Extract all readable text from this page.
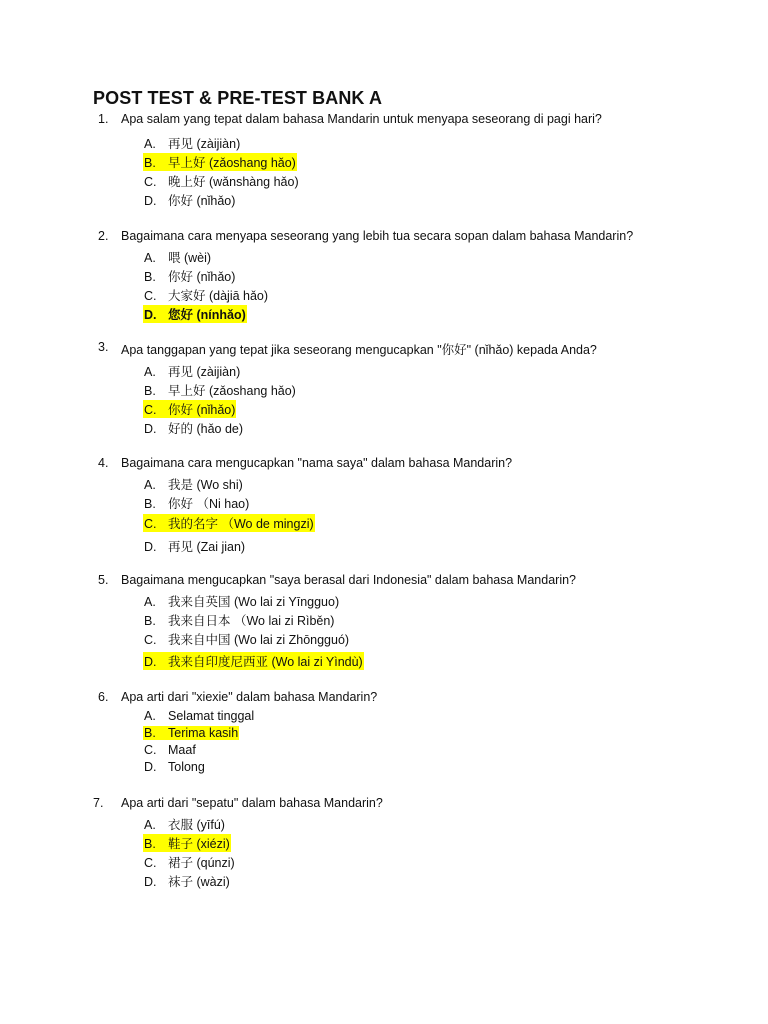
POST TEST & PRE-TEST BANK A
1. Apa salam yang tepat dalam bahasa Mandarin untuk menyapa seseorang di pagi hari?
A. 再见 (zàijiàn)
B. 早上好 (zǎoshang hǎo)
C. 晚上好 (wǎnshàng hǎo)
D. 你好 (nǐhǎo)
2. Bagaimana cara menyapa seseorang yang lebih tua secara sopan dalam bahasa Mandarin?
A. 喂 (wèi)
B. 你好 (nǐhǎo)
C. 大家好 (dàjiā hǎo)
D. 您好 (nínhǎo)
3. Apa tanggapan yang tepat jika seseorang mengucapkan "你好" (nǐhǎo) kepada Anda?
A. 再见 (zàijiàn)
B. 早上好 (zǎoshang hǎo)
C. 你好 (nǐhǎo)
D. 好的 (hǎo de)
4. Bagaimana cara mengucapkan "nama saya" dalam bahasa Mandarin?
A. 我是 (Wo shi)
B. 你好 （Ni hao)
C. 我的名字 （Wo de mingzi)
D. 再见 (Zai jian)
5. Bagaimana mengucapkan "saya berasal dari Indonesia" dalam bahasa Mandarin?
A. 我来自英国 (Wo lai zi Yīngguo)
B. 我来自日本 （Wo lai zi Rìběn)
C. 我来自中国 (Wo lai zi Zhōngguó)
D. 我来自印度尼西亚 (Wo lai zi Yìndù)
6. Apa arti dari "xiexie" dalam bahasa Mandarin?
A. Selamat tinggal
B. Terima kasih
C. Maaf
D. Tolong
7. Apa arti dari "sepatu" dalam bahasa Mandarin?
A. 衣服 (yīfú)
B. 鞋子 (xiézi)
C. 裙子 (qúnzi)
D. 袜子 (wàzi)
